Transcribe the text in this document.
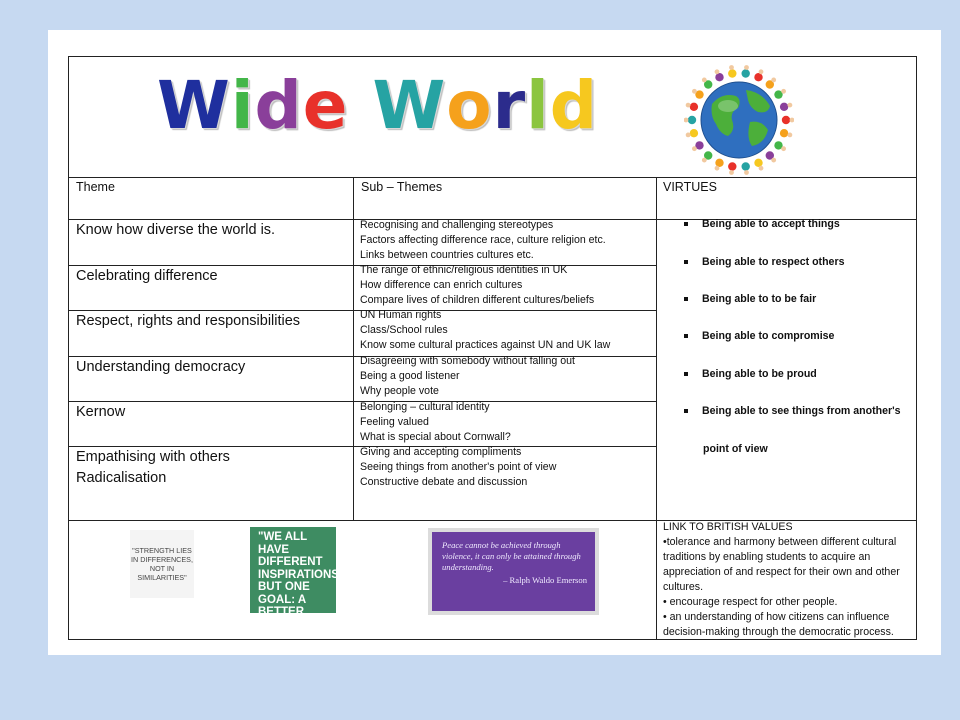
Wide World
Theme	Sub – Themes	VIRTUES
Know how diverse the world is.
Celebrating difference
Respect, rights and responsibilities
Understanding democracy
Kernow
Empathising with others
Radicalisation
Recognising and challenging stereotypes
Factors affecting difference race, culture religion etc.
Links between countries cultures etc.
The range of ethnic/religious identities in UK
How difference can enrich cultures
Compare lives of children different cultures/beliefs
UN Human rights
Class/School rules
Know some cultural practices against UN and UK law
Disagreeing with somebody without falling out
Being a good listener
Why people vote
Belonging – cultural identity
Feeling valued
What is special about Cornwall?
Giving and accepting compliments
Seeing things from another's point of view
Constructive debate and discussion
Being able to accept things
Being able to respect others
Being able to to be fair
Being able to compromise
Being able to be proud
Being able to see things from another's
point of view
"STRENGTH LIES IN DIFFERENCES, NOT IN SIMILARITIES"
"WE ALL HAVE DIFFERENT INSPIRATIONS, BUT ONE GOAL: A BETTER WORLD."
Peace cannot be achieved through violence, it can only be attained through understanding.
– Ralph Waldo Emerson
LINK TO BRITISH VALUES
•tolerance and harmony between different cultural traditions by enabling students to acquire an appreciation of and respect for their own and other cultures.
• encourage respect for other people.
• an understanding of how citizens can influence decision-making through the democratic process.
